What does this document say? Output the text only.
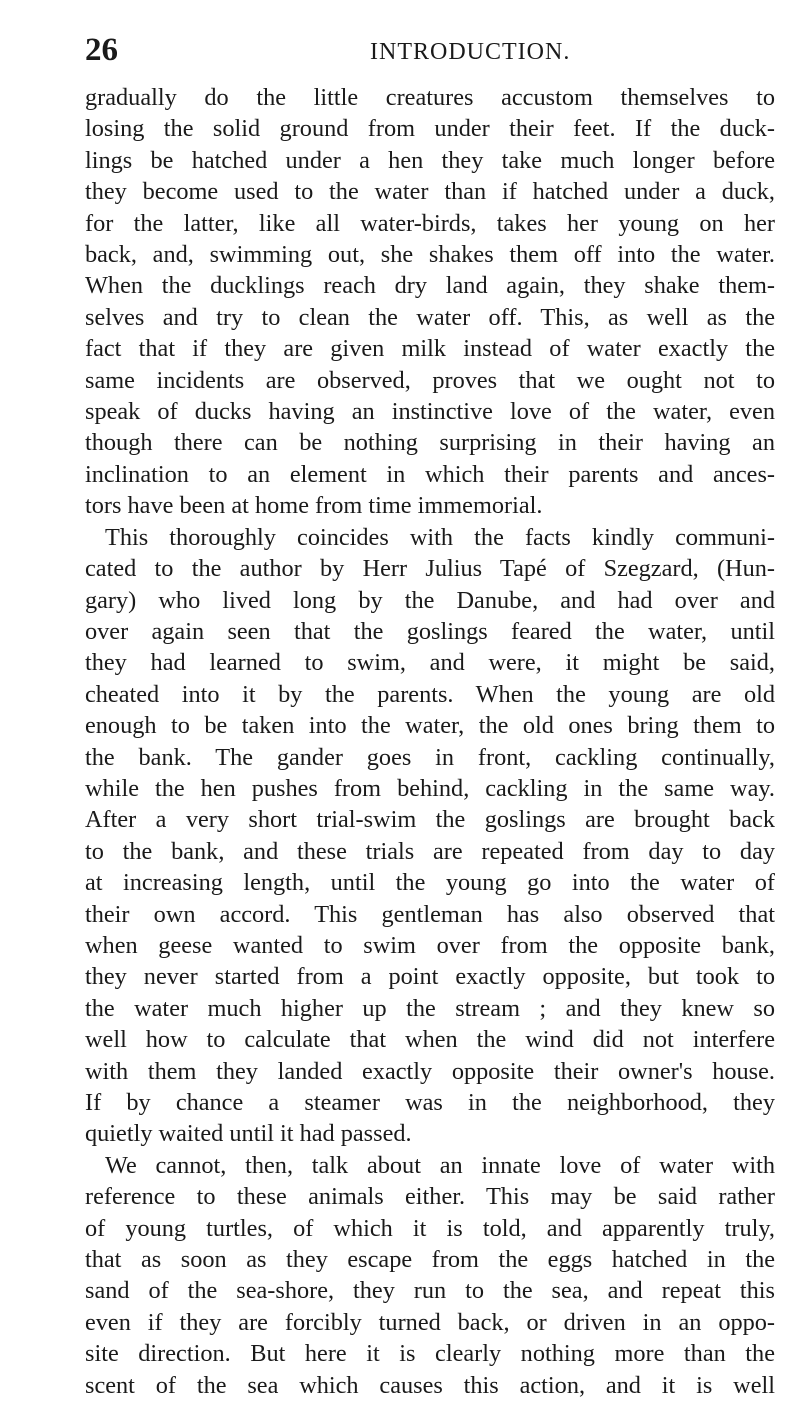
26	INTRODUCTION.
gradually do the little creatures accustom themselves to
losing the solid ground from under their feet. If the duck-
lings be hatched under a hen they take much longer before
they become used to the water than if hatched under a duck,
for the latter, like all water-birds, takes her young on her
back, and, swimming out, she shakes them off into the water.
When the ducklings reach dry land again, they shake them-
selves and try to clean the water off. This, as well as the
fact that if they are given milk instead of water exactly the
same incidents are observed, proves that we ought not to
speak of ducks having an instinctive love of the water, even
though there can be nothing surprising in their having an
inclination to an element in which their parents and ances-
tors have been at home from time immemorial.
This thoroughly coincides with the facts kindly communi-
cated to the author by Herr Julius Tapé of Szegzard, (Hun-
gary) who lived long by the Danube, and had over and
over again seen that the goslings feared the water, until
they had learned to swim, and were, it might be said,
cheated into it by the parents. When the young are old
enough to be taken into the water, the old ones bring them to
the bank. The gander goes in front, cackling continually,
while the hen pushes from behind, cackling in the same way.
After a very short trial-swim the goslings are brought back
to the bank, and these trials are repeated from day to day
at increasing length, until the young go into the water of
their own accord. This gentleman has also observed that
when geese wanted to swim over from the opposite bank,
they never started from a point exactly opposite, but took to
the water much higher up the stream ; and they knew so
well how to calculate that when the wind did not interfere
with them they landed exactly opposite their owner's house.
If by chance a steamer was in the neighborhood, they
quietly waited until it had passed.
We cannot, then, talk about an innate love of water with
reference to these animals either. This may be said rather
of young turtles, of which it is told, and apparently truly,
that as soon as they escape from the eggs hatched in the
sand of the sea-shore, they run to the sea, and repeat this
even if they are forcibly turned back, or driven in an oppo-
site direction. But here it is clearly nothing more than the
scent of the sea which causes this action, and it is well
